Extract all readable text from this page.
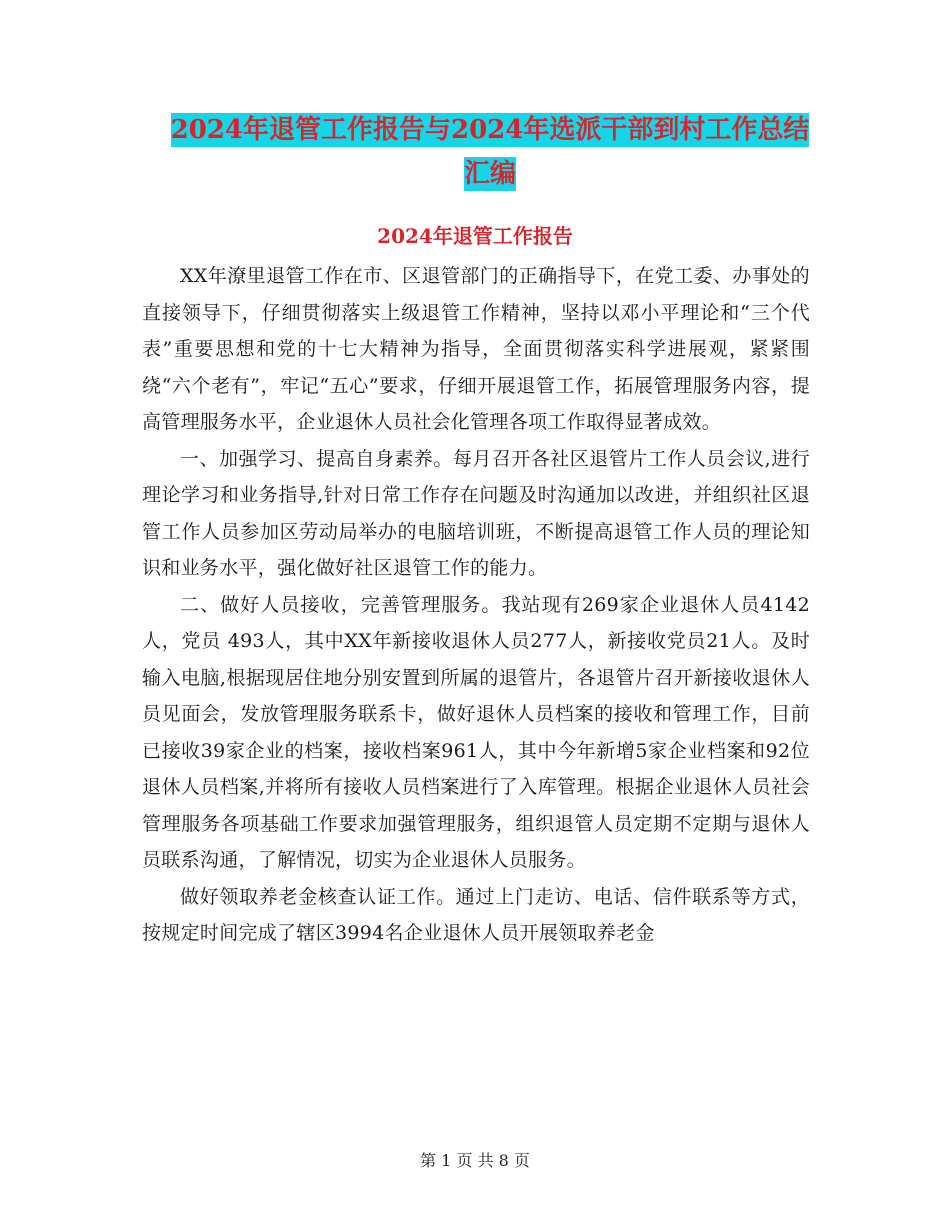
2024年退管工作报告与2024年选派干部到村工作总结
汇编
2024年退管工作报告

XX年潦里退管工作在市、区退管部门的正确指导下，在党工委、办事处的直接领导下，仔细贯彻落实上级退管工作精神，坚持以邓小平理论和“三个代表”重要思想和党的十七大精神为指导，全面贯彻落实科学进展观，紧紧围绕“六个老有”，牢记“五心”要求，仔细开展退管工作，拓展管理服务内容，提高管理服务水平，企业退休人员社会化管理各项工作取得显著成效。

一、加强学习、提高自身素养。每月召开各社区退管片工作人员会议,进行理论学习和业务指导,针对日常工作存在问题及时沟通加以改进，并组织社区退管工作人员参加区劳动局举办的电脑培训班，不断提高退管工作人员的理论知识和业务水平，强化做好社区退管工作的能力。

二、做好人员接收，完善管理服务。我站现有269家企业退休人员4142人，党员 493人，其中XX年新接收退休人员277人，新接收党员21人。及时输入电脑,根据现居住地分别安置到所属的退管片，各退管片召开新接收退休人员见面会，发放管理服务联系卡，做好退休人员档案的接收和管理工作，目前已接收39家企业的档案，接收档案961人，其中今年新增5家企业档案和92位退休人员档案,并将所有接收人员档案进行了入库管理。根据企业退休人员社会管理服务各项基础工作要求加强管理服务，组织退管人员定期不定期与退休人员联系沟通，了解情况，切实为企业退休人员服务。

做好领取养老金核查认证工作。通过上门走访、电话、信件联系等方式，按规定时间完成了辖区3994名企业退休人员开展领取养老金

第 1 页 共 8 页
